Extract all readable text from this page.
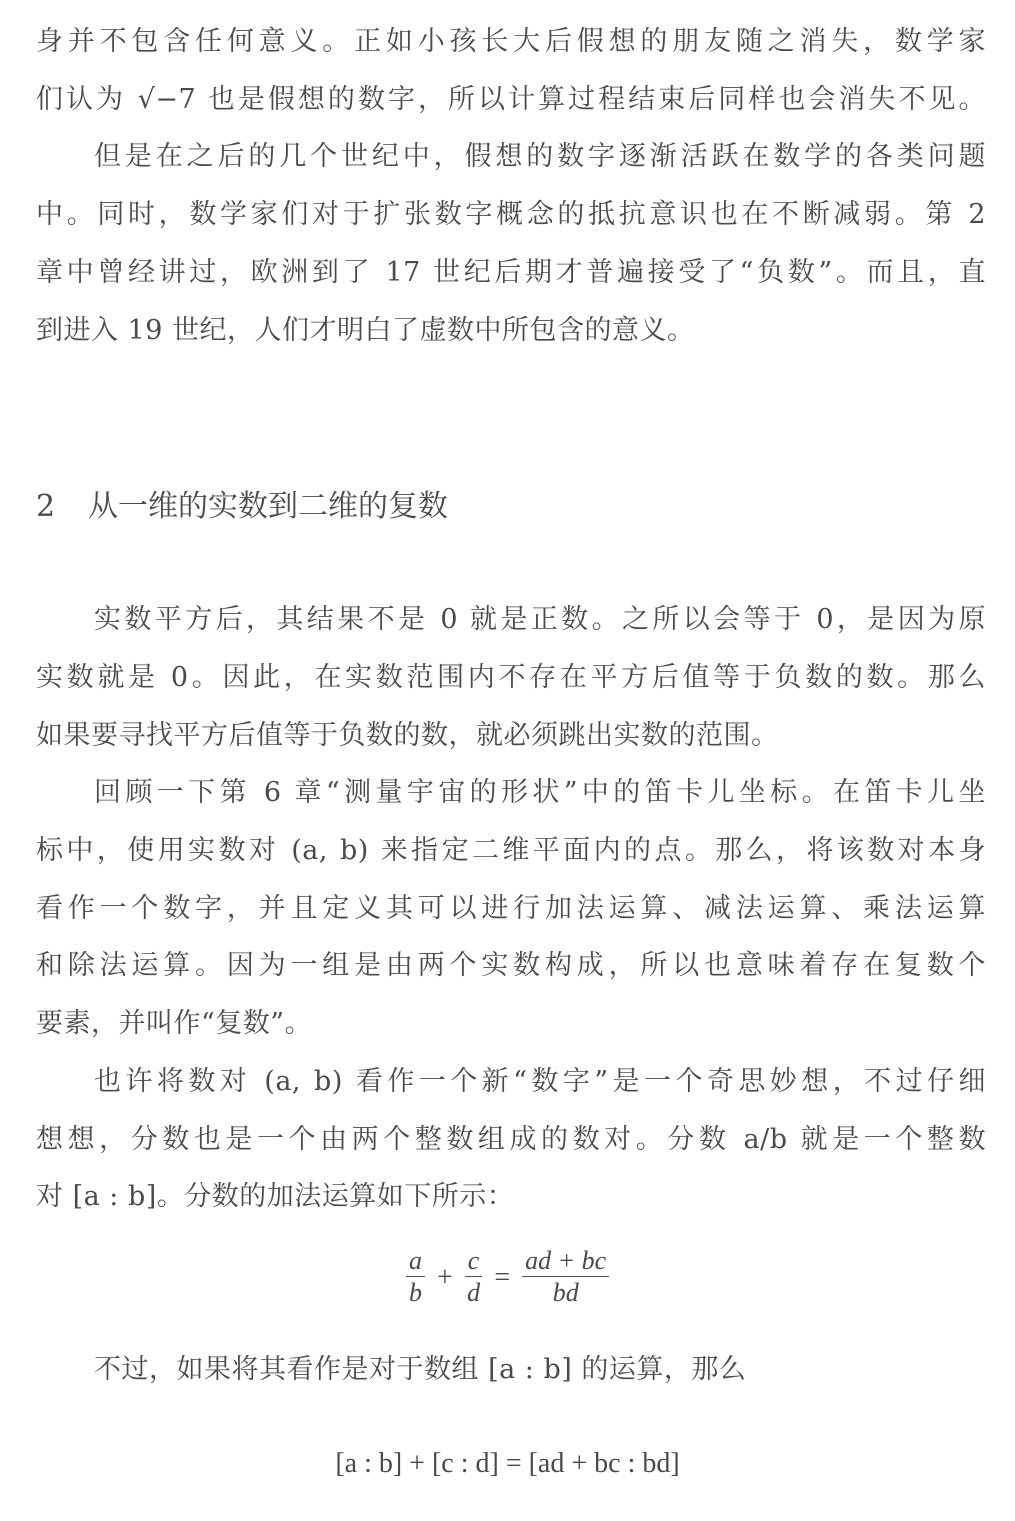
身并不包含任何意义。正如小孩长大后假想的朋友随之消失，数学家
们认为 √−7 也是假想的数字，所以计算过程结束后同样也会消失不见。
但是在之后的几个世纪中，假想的数字逐渐活跃在数学的各类问题
中。同时，数学家们对于扩张数字概念的抵抗意识也在不断减弱。第 2
章中曾经讲过，欧洲到了 17 世纪后期才普遍接受了“负数”。而且，直
到进入 19 世纪，人们才明白了虚数中所包含的意义。
2 从一维的实数到二维的复数
实数平方后，其结果不是 0 就是正数。之所以会等于 0，是因为原
实数就是 0。因此，在实数范围内不存在平方后值等于负数的数。那么
如果要寻找平方后值等于负数的数，就必须跳出实数的范围。
回顾一下第 6 章“测量宇宙的形状”中的笛卡儿坐标。在笛卡儿坐
标中，使用实数对 (a, b) 来指定二维平面内的点。那么，将该数对本身
看作一个数字，并且定义其可以进行加法运算、减法运算、乘法运算
和除法运算。因为一组是由两个实数构成，所以也意味着存在复数个
要素，并叫作“复数”。
也许将数对 (a, b) 看作一个新“数字”是一个奇思妙想，不过仔细
想想，分数也是一个由两个整数组成的数对。分数 a/b 就是一个整数
对 [a : b]。分数的加法运算如下所示：
$\frac{a}{b} + \frac{c}{d} = \frac{ad + bc}{bd}$
不过，如果将其看作是对于数组 [a : b] 的运算，那么
[a : b] + [c : d] = [ad + bc : bd]
